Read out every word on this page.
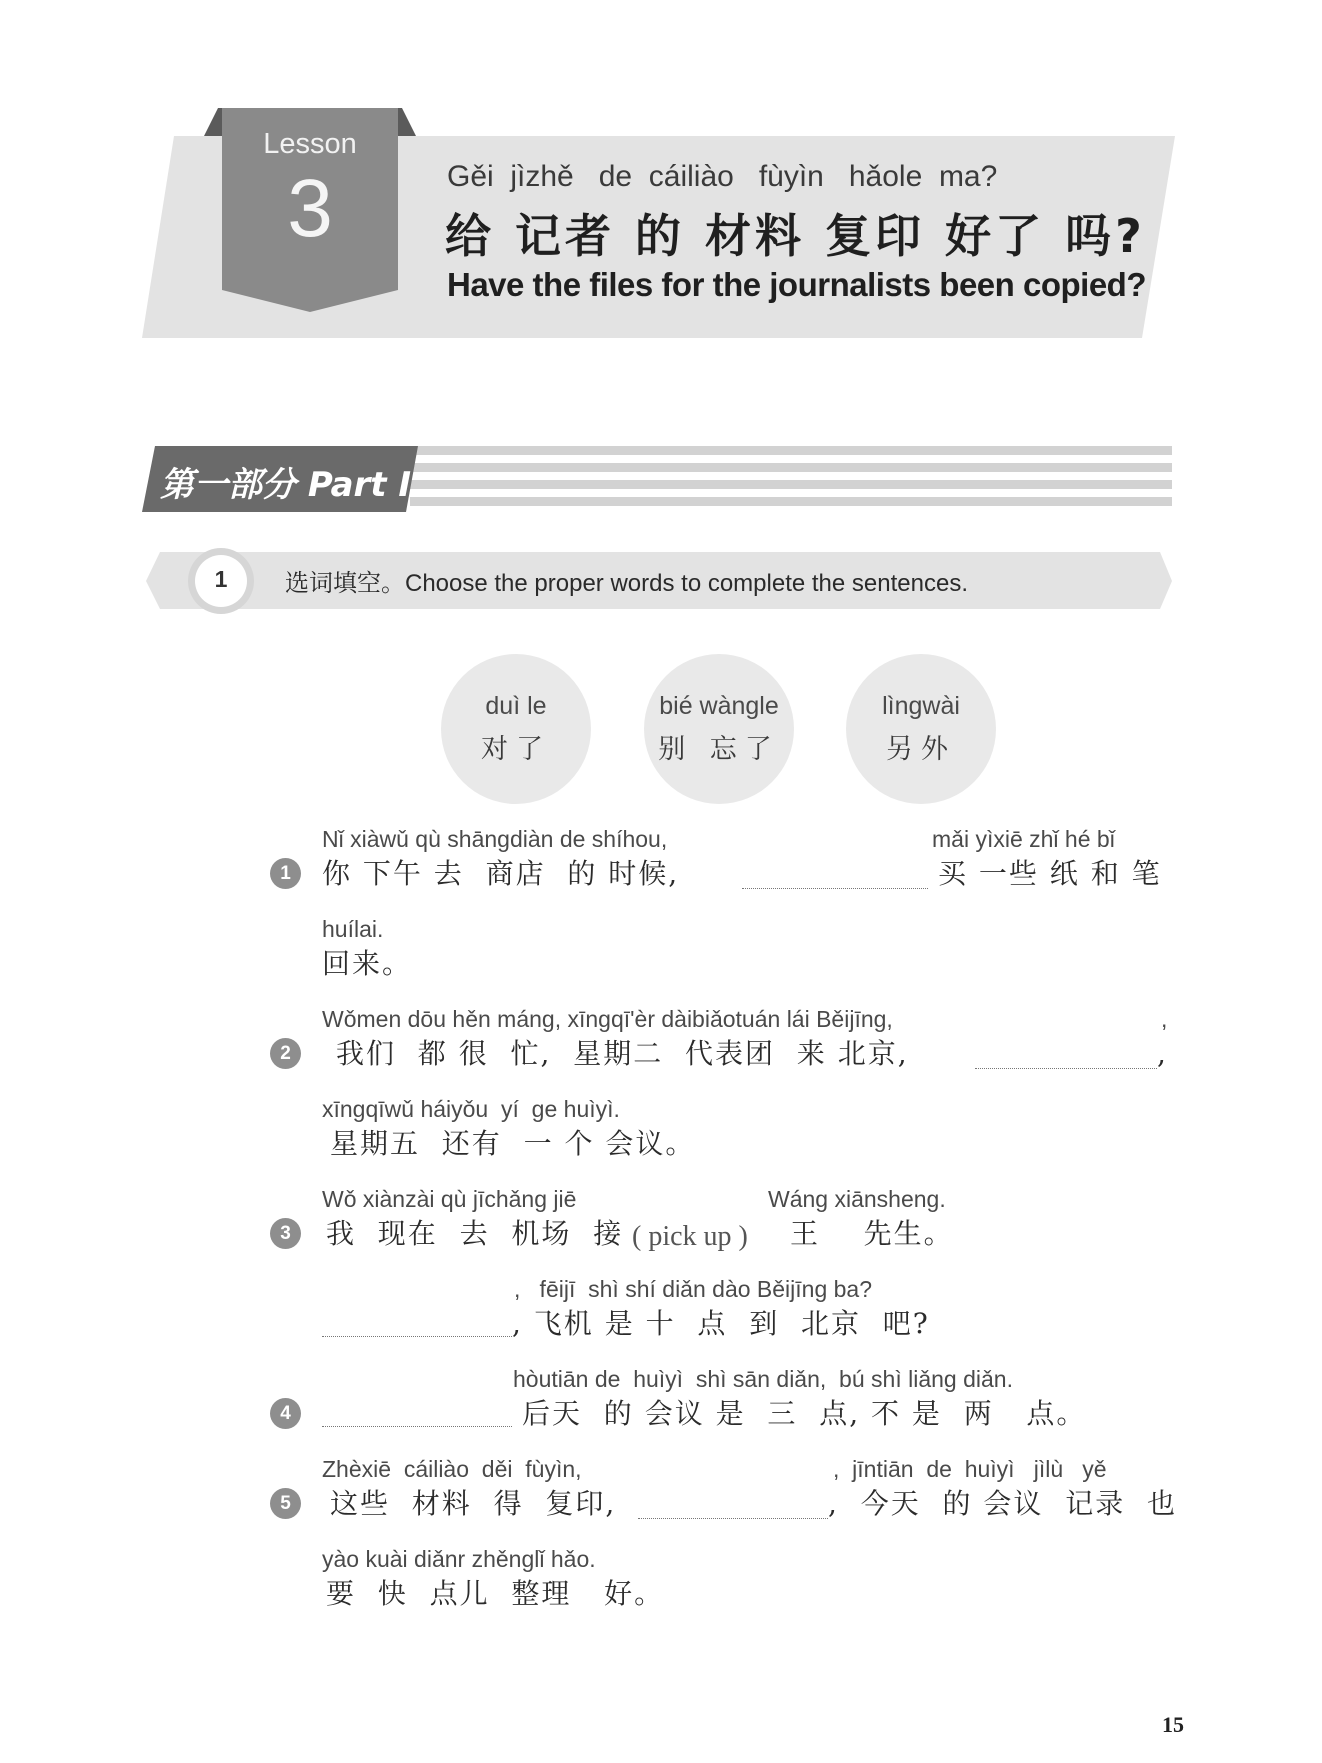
Lesson
3	Gěi  jìzhě   de  cáiliào   fùyìn   hǎole  ma?
给 记者 的 材料 复印 好了 吗?
Have the files for the journalists been copied?
第一部分 Part I
1	选词填空。Choose the proper words to complete the sentences.
duì le
对了
bié wàngle
别 忘了
lìngwài
另外
1
Nǐ xiàwǔ qù shāngdiàn de shíhou,	mǎi yìxiē zhǐ hé bǐ
你 下午 去  商店  的 时候,	买 一些 纸 和 笔
huílai.
回来。
2
Wǒmen dōu hěn máng, xīngqī'èr dàibiǎotuán lái Běijīng,	,
我们  都 很  忙,  星期二  代表团  来 北京,	,
xīngqīwǔ háiyǒu  yí  ge huìyì.
星期五  还有  一 个 会议。
3
Wǒ xiànzài qù jīchǎng jiē	Wáng xiānsheng.
我  现在  去  机场  接 ( pick up ) 王    先生。
,   fēijī  shì shí diǎn dào Běijīng ba?
, 飞机 是 十  点  到  北京  吧?
4
hòutiān de  huìyì  shì sān diǎn,  bú shì liǎng diǎn.
后天  的 会议 是  三  点, 不 是  两   点。
5
Zhèxiē  cáiliào  děi  fùyìn,	,  jīntiān  de  huìyì   jìlù   yě
这些  材料  得  复印,	,  今天  的 会议  记录  也
yào kuài diǎnr zhěnglǐ hǎo.
要  快  点儿  整理   好。
15
